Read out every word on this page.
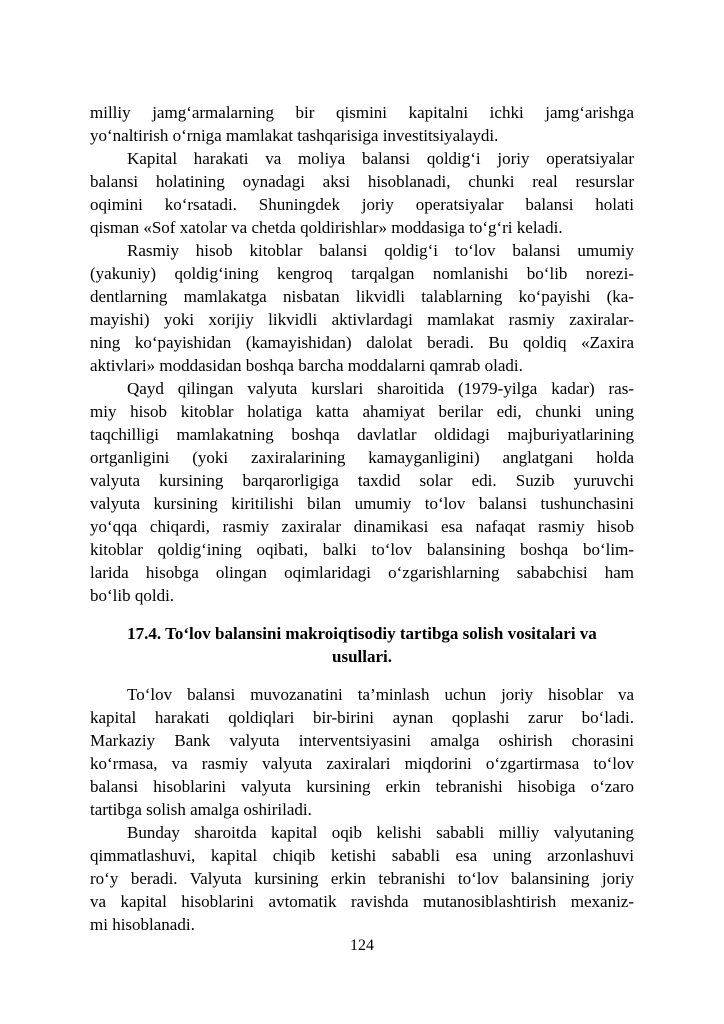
milliy jamg‘armalarning bir qismini kapitalni ichki jamg‘arishga
yo‘naltirish o‘rniga mamlakat tashqarisiga investitsiyalaydi.
Kapital harakati va moliya balansi qoldig‘i joriy operatsiyalar
balansi holatining oynadagi aksi hisoblanadi, chunki real resurslar
oqimini ko‘rsatadi. Shuningdek joriy operatsiyalar balansi holati
qisman «Sof xatolar va chetda qoldirishlar» moddasiga to‘g‘ri keladi.
Rasmiy hisob kitoblar balansi qoldig‘i to‘lov balansi umumiy
(yakuniy) qoldig‘ining kengroq tarqalgan nomlanishi bo‘lib norezi-
dentlarning mamlakatga nisbatan likvidli talablarning ko‘payishi (ka-
mayishi) yoki xorijiy likvidli aktivlardagi mamlakat rasmiy zaxiralar-
ning ko‘payishidan (kamayishidan) dalolat beradi. Bu qoldiq «Zaxira
aktivlari» moddasidan boshqa barcha moddalarni qamrab oladi.
Qayd qilingan valyuta kurslari sharoitida (1979-yilga kadar) ras-
miy hisob kitoblar holatiga katta ahamiyat berilar edi, chunki uning
taqchilligi mamlakatning boshqa davlatlar oldidagi majburiyatlarining
ortganligini (yoki zaxiralarining kamayganligini) anglatgani holda
valyuta kursining barqarorligiga taxdid solar edi. Suzib yuruvchi
valyuta kursining kiritilishi bilan umumiy to‘lov balansi tushunchasini
yo‘qqa chiqardi, rasmiy zaxiralar dinamikasi esa nafaqat rasmiy hisob
kitoblar qoldig‘ining oqibati, balki to‘lov balansining boshqa bo‘lim-
larida hisobga olingan oqimlaridagi o‘zgarishlarning sababchisi ham
bo‘lib qoldi.
17.4. To‘lov balansini makroiqtisodiy tartibga solish vositalari va
usullari.
To‘lov balansi muvozanatini ta’minlash uchun joriy hisoblar va
kapital harakati qoldiqlari bir-birini aynan qoplashi zarur bo‘ladi.
Markaziy Bank valyuta interventsiyasini amalga oshirish chorasini
ko‘rmasa, va rasmiy valyuta zaxiralari miqdorini o‘zgartirmasa to‘lov
balansi hisoblarini valyuta kursining erkin tebranishi hisobiga o‘zaro
tartibga solish amalga oshiriladi.
Bunday sharoitda kapital oqib kelishi sababli milliy valyutaning
qimmatlashuvi, kapital chiqib ketishi sababli esa uning arzonlashuvi
ro‘y beradi. Valyuta kursining erkin tebranishi to‘lov balansining joriy
va kapital hisoblarini avtomatik ravishda mutanosiblashtirish mexaniz-
mi hisoblanadi.
124
